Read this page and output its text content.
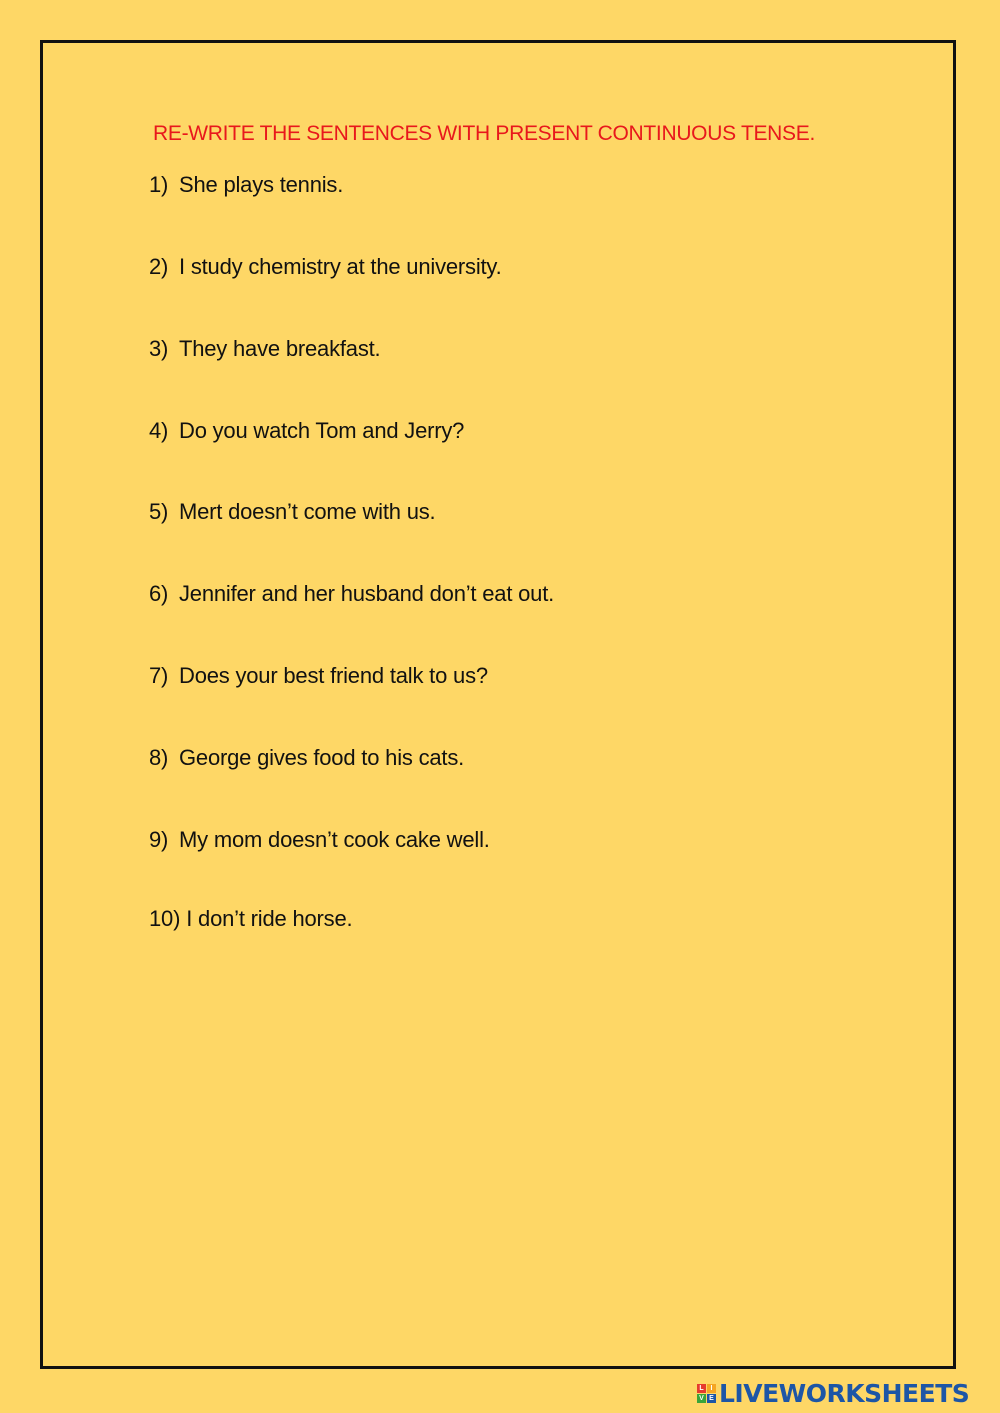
RE-WRITE THE SENTENCES WITH PRESENT CONTINUOUS TENSE.
1) She plays tennis.
2) I study chemistry at the university.
3) They have breakfast.
4) Do you watch Tom and Jerry?
5) Mert doesn’t come with us.
6) Jennifer and her husband don’t eat out.
7) Does your best friend talk to us?
8) George gives food to his cats.
9) My mom doesn’t cook cake well.
10) I don’t ride horse.
L I
V E LIVEWORKSHEETS
